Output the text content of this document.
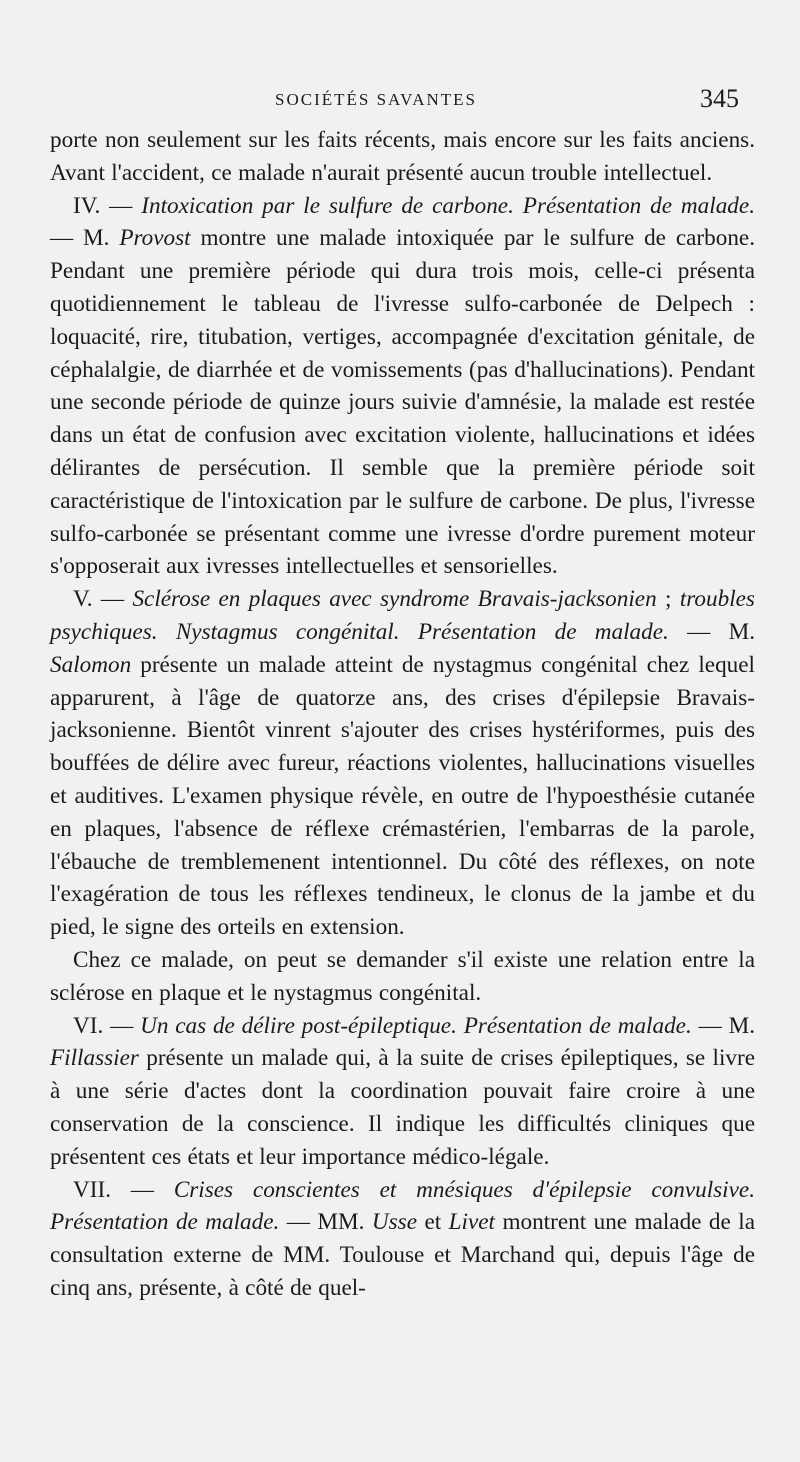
SOCIÉTÉS SAVANTES	345

porte non seulement sur les faits récents, mais encore sur les faits anciens. Avant l'accident, ce malade n'aurait présenté aucun trouble intellectuel.

IV. — Intoxication par le sulfure de carbone. Présentation de malade. — M. Provost montre une malade intoxiquée par le sulfure de carbone. Pendant une première période qui dura trois mois, celle-ci présenta quotidiennement le tableau de l'ivresse sulfo-carbonée de Delpech : loquacité, rire, titubation, vertiges, accompagnée d'excitation génitale, de céphalalgie, de diarrhée et de vomissements (pas d'hallucinations). Pendant une seconde période de quinze jours suivie d'amnésie, la malade est restée dans un état de confusion avec excitation violente, hallucinations et idées délirantes de persécution. Il semble que la première période soit caractéristique de l'intoxication par le sulfure de carbone. De plus, l'ivresse sulfo-carbonée se présentant comme une ivresse d'ordre purement moteur s'opposerait aux ivresses intellectuelles et sensorielles.

V. — Sclérose en plaques avec syndrome Bravais-jacksonien ; troubles psychiques. Nystagmus congénital. Présentation de malade. — M. Salomon présente un malade atteint de nystagmus congénital chez lequel apparurent, à l'âge de quatorze ans, des crises d'épilepsie Bravais-jacksonienne. Bientôt vinrent s'ajouter des crises hystériformes, puis des bouffées de délire avec fureur, réactions violentes, hallucinations visuelles et auditives. L'examen physique révèle, en outre de l'hypoesthésie cutanée en plaques, l'absence de réflexe crémastérien, l'embarras de la parole, l'ébauche de tremblemenent intentionnel. Du côté des réflexes, on note l'exagération de tous les réflexes tendineux, le clonus de la jambe et du pied, le signe des orteils en extension.

Chez ce malade, on peut se demander s'il existe une relation entre la sclérose en plaque et le nystagmus congénital.

VI. — Un cas de délire post-épileptique. Présentation de malade. — M. Fillassier présente un malade qui, à la suite de crises épileptiques, se livre à une série d'actes dont la coordination pouvait faire croire à une conservation de la conscience. Il indique les difficultés cliniques que présentent ces états et leur importance médico-légale.

VII. — Crises conscientes et mnésiques d'épilepsie convulsive. Présentation de malade. — MM. Usse et Livet montrent une malade de la consultation externe de MM. Toulouse et Marchand qui, depuis l'âge de cinq ans, présente, à côté de quel-
